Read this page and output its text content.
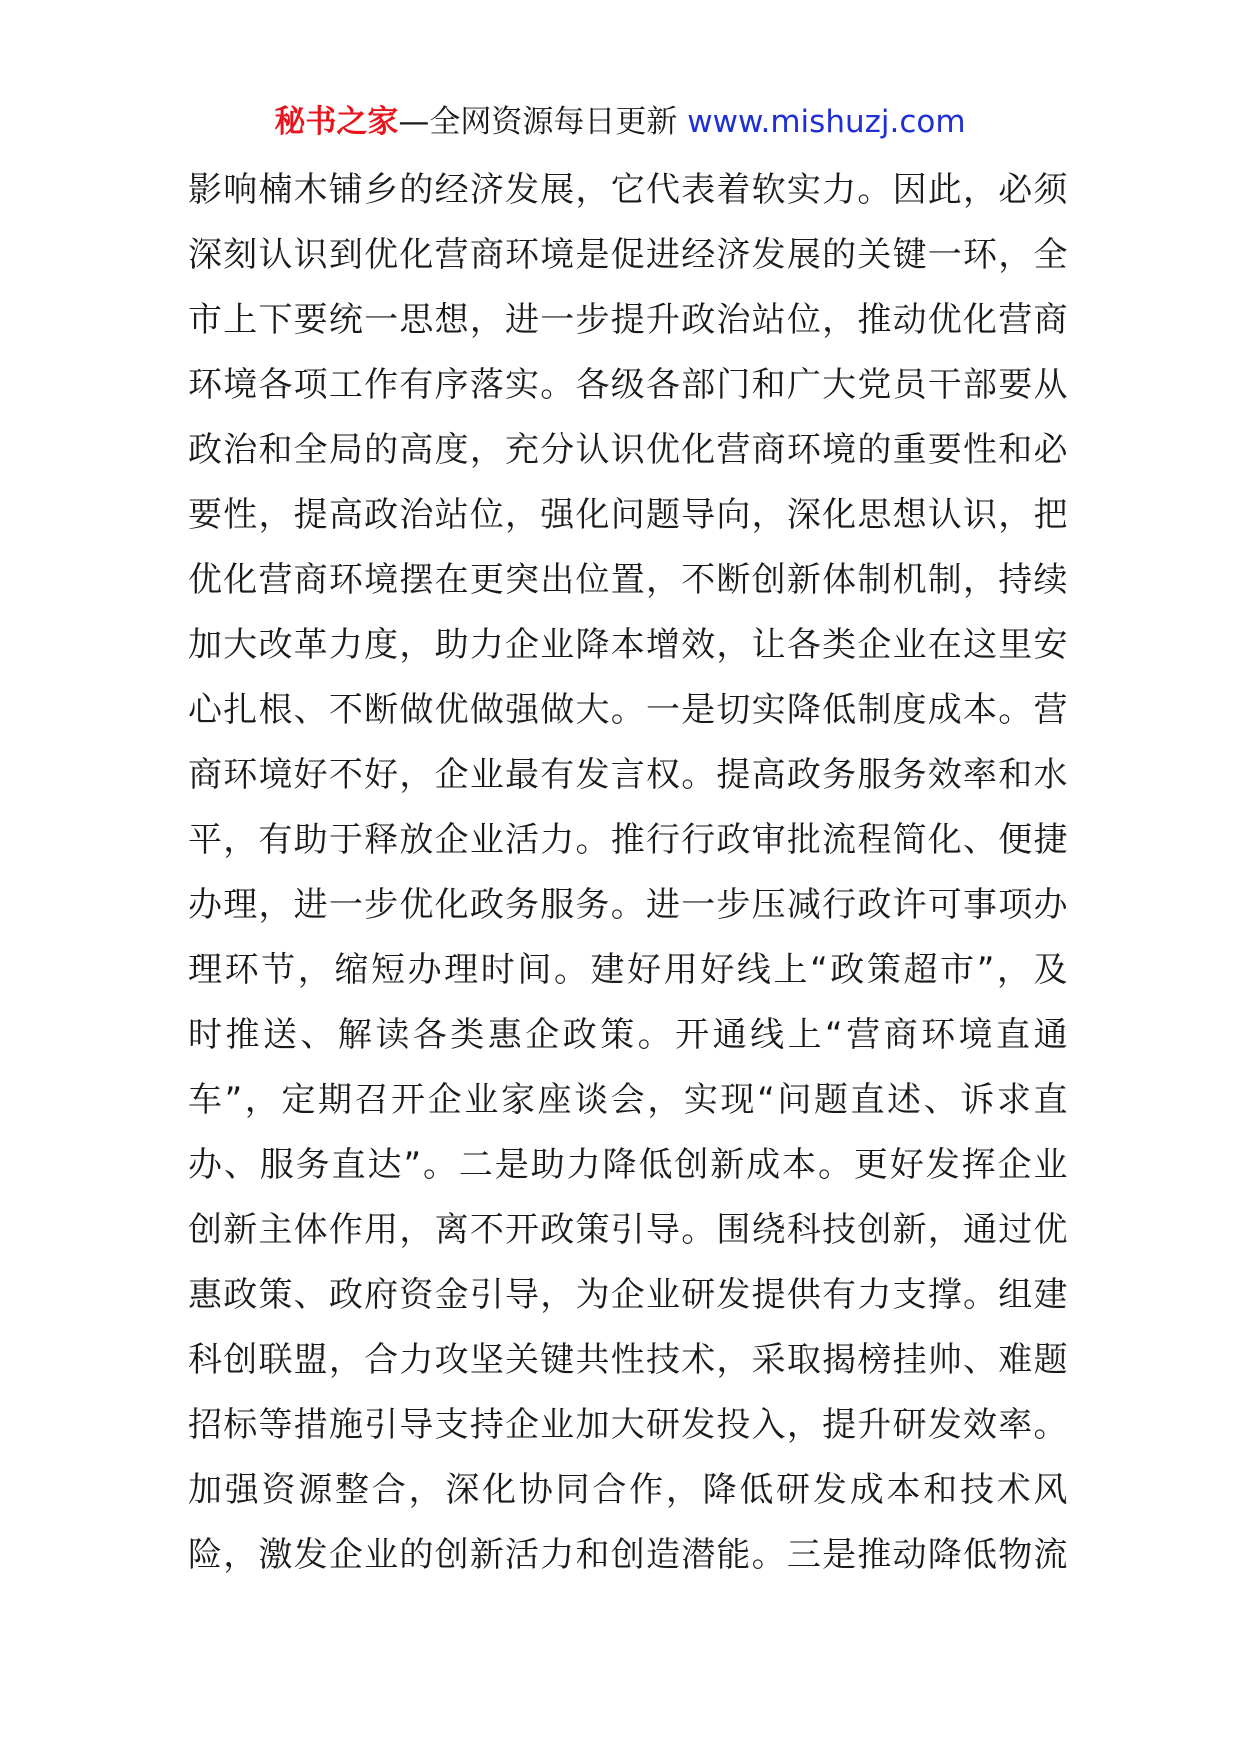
秘书之家—全网资源每日更新 www.mishuzj.com
影响楠木铺乡的经济发展，它代表着软实力。因此，必须
深刻认识到优化营商环境是促进经济发展的关键一环，全
市上下要统一思想，进一步提升政治站位，推动优化营商
环境各项工作有序落实。各级各部门和广大党员干部要从
政治和全局的高度，充分认识优化营商环境的重要性和必
要性，提高政治站位，强化问题导向，深化思想认识，把
优化营商环境摆在更突出位置，不断创新体制机制，持续
加大改革力度，助力企业降本增效，让各类企业在这里安
心扎根、不断做优做强做大。一是切实降低制度成本。营
商环境好不好，企业最有发言权。提高政务服务效率和水
平，有助于释放企业活力。推行行政审批流程简化、便捷
办理，进一步优化政务服务。进一步压减行政许可事项办
理环节，缩短办理时间。建好用好线上“政策超市”，及
时推送、解读各类惠企政策。开通线上“营商环境直通
车”，定期召开企业家座谈会，实现“问题直述、诉求直
办、服务直达”。二是助力降低创新成本。更好发挥企业
创新主体作用，离不开政策引导。围绕科技创新，通过优
惠政策、政府资金引导，为企业研发提供有力支撑。组建
科创联盟，合力攻坚关键共性技术，采取揭榜挂帅、难题
招标等措施引导支持企业加大研发投入，提升研发效率。
加强资源整合，深化协同合作，降低研发成本和技术风
险，激发企业的创新活力和创造潜能。三是推动降低物流
